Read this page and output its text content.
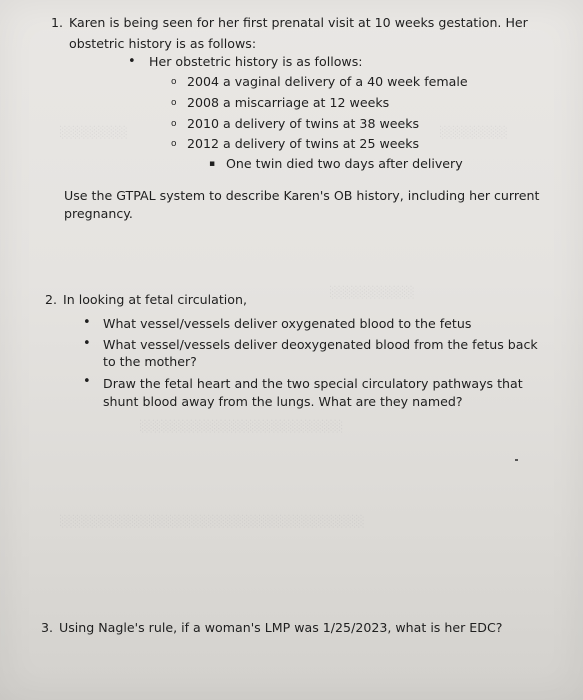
░░░░░░░░	░░░░░░░░
░░░░░░░░░░
░░░░░░░░░░░░░░░░░░░░░░░░
░░░░░░░░░░░░░░░░░░░░░░░░░░░░░░░░░░░░
1. Karen is being seen for her first prenatal visit at 10 weeks gestation. Her
obstetric history is as follows:
• Her obstetric history is as follows:
o 2004 a vaginal delivery of a 40 week female
o 2008 a miscarriage at 12 weeks
o 2010 a delivery of twins at 38 weeks
o 2012 a delivery of twins at 25 weeks
▪ One twin died two days after delivery
Use the GTPAL system to describe Karen's OB history, including her current
pregnancy.
2. In looking at fetal circulation,
• What vessel/vessels deliver oxygenated blood to the fetus
• What vessel/vessels deliver deoxygenated blood from the fetus back
to the mother?
• Draw the fetal heart and the two special circulatory pathways that
shunt blood away from the lungs. What are they named?
3. Using Nagle's rule, if a woman's LMP was 1/25/2023, what is her EDC?
